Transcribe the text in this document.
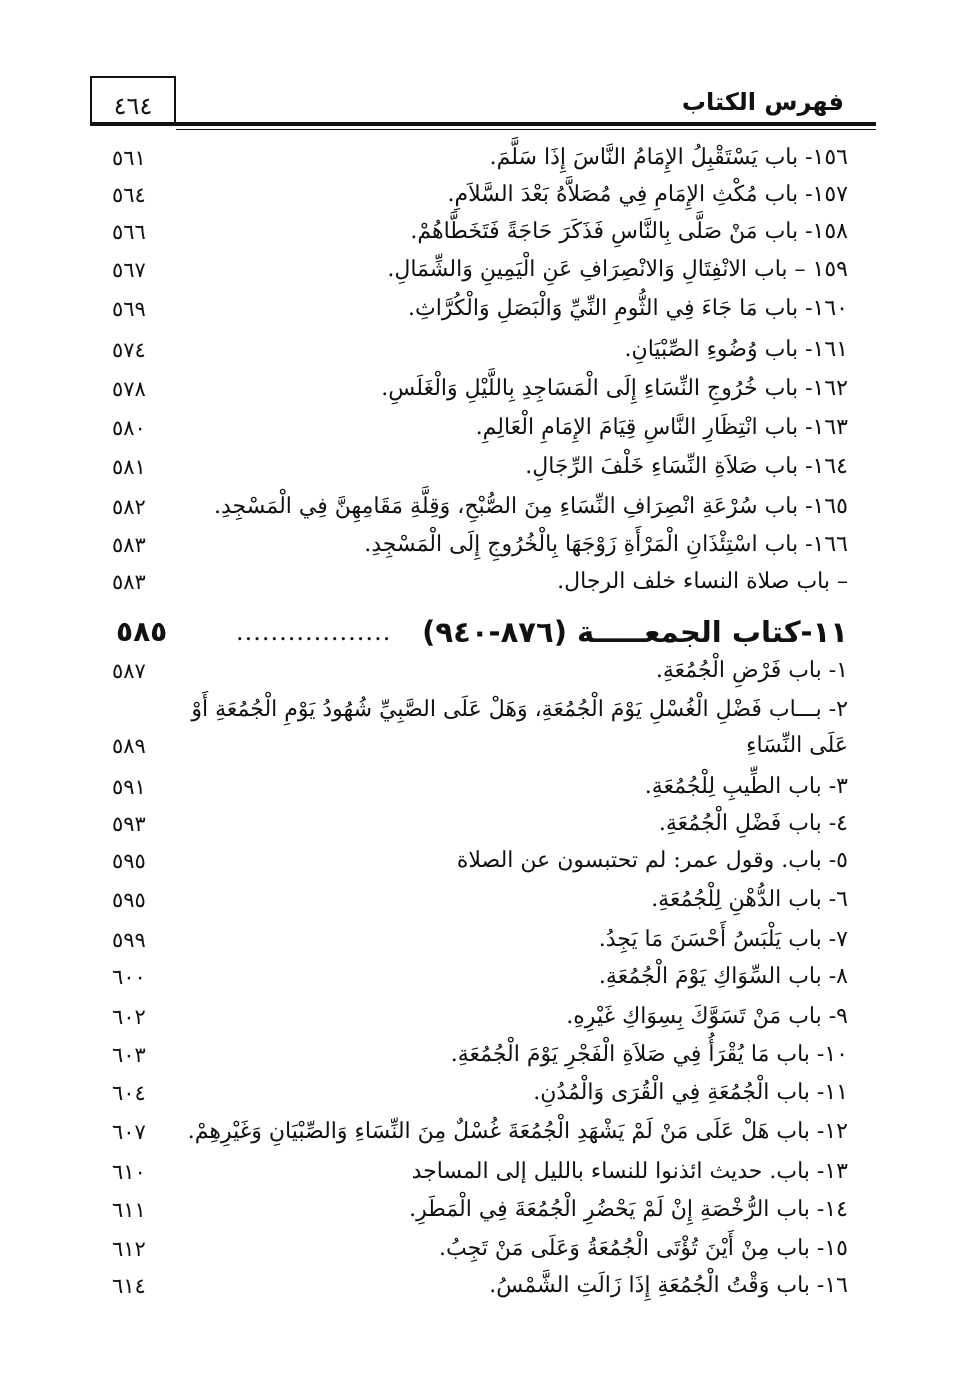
٤٦٤	فهرس الكتاب
١٥٦- باب يَسْتَقْبِلُ الإِمَامُ النَّاسَ إِذَا سَلَّمَ.
٥٦١
١٥٧- باب مُكْثِ الإِمَامِ فِي مُصَلاَّهُ بَعْدَ السَّلاَمِ.
٥٦٤
١٥٨- باب مَنْ صَلَّى بِالنَّاسِ فَذَكَرَ حَاجَةً فَتَخَطَّاهُمْ.
٥٦٦
١٥٩ – باب الانْفِتَالِ وَالانْصِرَافِ عَنِ الْيَمِينِ وَالشِّمَالِ.
٥٦٧
١٦٠- باب مَا جَاءَ فِي الثُّومِ النِّيِّ وَالْبَصَلِ وَالْكُرَّاثِ.
٥٦٩
١٦١- باب وُضُوءِ الصِّبْيَانِ.
٥٧٤
١٦٢- باب خُرُوجِ النِّسَاءِ إِلَى الْمَسَاجِدِ بِاللَّيْلِ وَالْغَلَسِ.
٥٧٨
١٦٣- باب انْتِظَارِ النَّاسِ قِيَامَ الإِمَامِ الْعَالِمِ.
٥٨٠
١٦٤- باب صَلاَةِ النِّسَاءِ خَلْفَ الرِّجَالِ.
٥٨١
١٦٥- باب سُرْعَةِ انْصِرَافِ النِّسَاءِ مِنَ الصُّبْحِ، وَقِلَّةِ مَقَامِهِنَّ فِي الْمَسْجِدِ.
٥٨٢
١٦٦- باب اسْتِئْذَانِ الْمَرْأَةِ زَوْجَهَا بِالْخُرُوجِ إِلَى الْمَسْجِدِ.
٥٨٣
– باب صلاة النساء خلف الرجال.
٥٨٣
١١-كتاب الجمعـــــة (٨٧٦-٩٤٠)
..................
٥٨٥
١- باب فَرْضِ الْجُمُعَةِ.
٥٨٧
٢- بـــاب فَضْلِ الْغُسْلِ يَوْمَ الْجُمُعَةِ، وَهَلْ عَلَى الصَّبِيِّ شُهُودُ يَوْمِ الْجُمُعَةِ أَوْ
عَلَى النِّسَاءِ
٥٨٩
٣- باب الطِّيبِ لِلْجُمُعَةِ.
٥٩١
٤- باب فَضْلِ الْجُمُعَةِ.
٥٩٣
٥- باب. وقول عمر: لم تحتبسون عن الصلاة
٥٩٥
٦- باب الدُّهْنِ لِلْجُمُعَةِ.
٥٩٥
٧- باب يَلْبَسُ أَحْسَنَ مَا يَجِدُ.
٥٩٩
٨- باب السِّوَاكِ يَوْمَ الْجُمُعَةِ.
٦٠٠
٩- باب مَنْ تَسَوَّكَ بِسِوَاكِ غَيْرِهِ.
٦٠٢
١٠- باب مَا يُقْرَأُ فِي صَلاَةِ الْفَجْرِ يَوْمَ الْجُمُعَةِ.
٦٠٣
١١- باب الْجُمُعَةِ فِي الْقُرَى وَالْمُدُنِ.
٦٠٤
١٢- باب هَلْ عَلَى مَنْ لَمْ يَشْهَدِ الْجُمُعَةَ غُسْلٌ مِنَ النِّسَاءِ وَالصِّبْيَانِ وَغَيْرِهِمْ.
٦٠٧
١٣- باب. حديث ائذنوا للنساء بالليل إلى المساجد
٦١٠
١٤- باب الرُّخْصَةِ إِنْ لَمْ يَحْضُرِ الْجُمُعَةَ فِي الْمَطَرِ.
٦١١
١٥- باب مِنْ أَيْنَ تُؤْتَى الْجُمُعَةُ وَعَلَى مَنْ تَجِبُ.
٦١٢
١٦- باب وَقْتُ الْجُمُعَةِ إِذَا زَالَتِ الشَّمْسُ.
٦١٤
